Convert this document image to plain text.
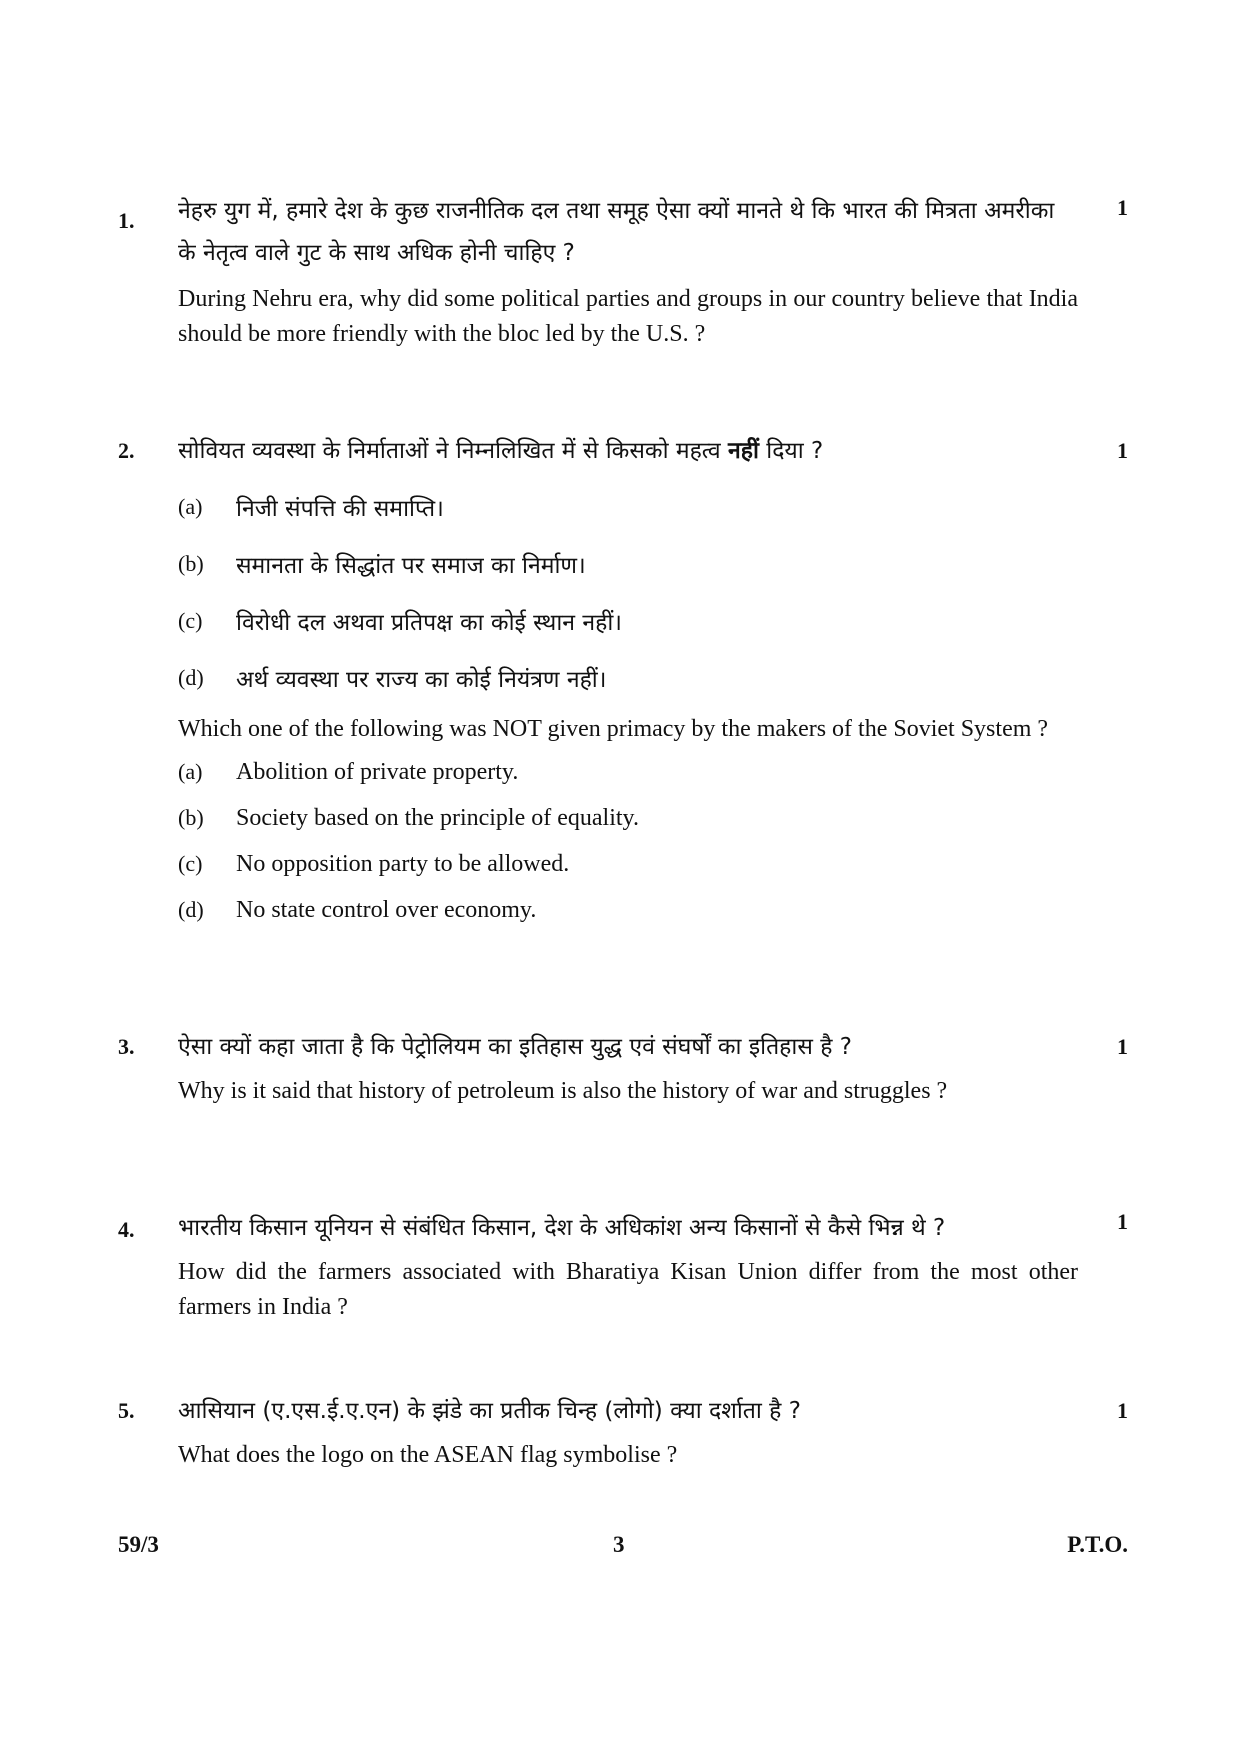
1.
1
नेहरु युग में, हमारे देश के कुछ राजनीतिक दल तथा समूह ऐसा क्यों मानते थे कि भारत की मित्रता अमरीका के नेतृत्व वाले गुट के साथ अधिक होनी चाहिए ?
During Nehru era, why did some political parties and groups in our country believe that India should be more friendly with the bloc led by the U.S. ?
2.	1
सोवियत व्यवस्था के निर्माताओं ने निम्नलिखित में से किसको महत्व नहीं दिया ?
(a)	निजी संपत्ति की समाप्ति।
(b)	समानता के सिद्धांत पर समाज का निर्माण।
(c)	विरोधी दल अथवा प्रतिपक्ष का कोई स्थान नहीं।
(d)	अर्थ व्यवस्था पर राज्य का कोई नियंत्रण नहीं।
Which one of the following was NOT given primacy by the makers of the Soviet System ?
(a)	Abolition of private property.
(b)	Society based on the principle of equality.
(c)	No opposition party to be allowed.
(d)	No state control over economy.
3.	1
ऐसा क्यों कहा जाता है कि पेट्रोलियम का इतिहास युद्ध एवं संघर्षों का इतिहास है ?
Why is it said that history of petroleum is also the history of war and struggles ?
4.	1
भारतीय किसान यूनियन से संबंधित किसान, देश के अधिकांश अन्य किसानों से कैसे भिन्न थे ?
How did the farmers associated with Bharatiya Kisan Union differ from the most other farmers in India ?
5.	1
आसियान (ए.एस.ई.ए.एन) के झंडे का प्रतीक चिन्ह (लोगो) क्या दर्शाता है ?
What does the logo on the ASEAN flag symbolise ?
59/3	3	P.T.O.
